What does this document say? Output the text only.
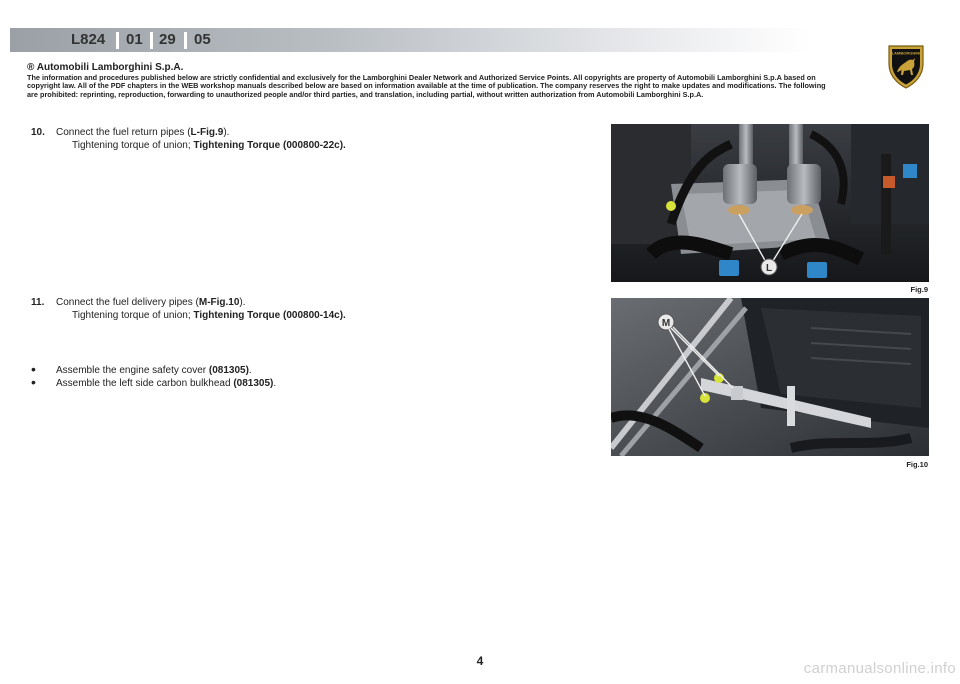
L824 01 29 05
LAMBORGHINI
® Automobili Lamborghini S.p.A.
The information and procedures published below are strictly confidential and exclusively for the Lamborghini Dealer Network and Authorized Service Points. All copyrights are property of Automobili Lamborghini S.p.A based on copyright law. All of the PDF chapters in the WEB workshop manuals described below are based on information available at the time of publication. The company reserves the right to make updates and modifications. The following are prohibited: reprinting, reproduction, forwarding to unauthorized people and/or third parties, and translation, including partial, without written authorization from Automobili Lamborghini S.p.A.
10. Connect the fuel return pipes (L-Fig.9).
Tightening torque of union; Tightening Torque (000800-22c).
11. Connect the fuel delivery pipes (M-Fig.10).
Tightening torque of union; Tightening Torque (000800-14c).
• Assemble the engine safety cover (081305).
• Assemble the left side carbon bulkhead (081305).
L
Fig.9
M
Fig.10
4	carmanualsonline.info
